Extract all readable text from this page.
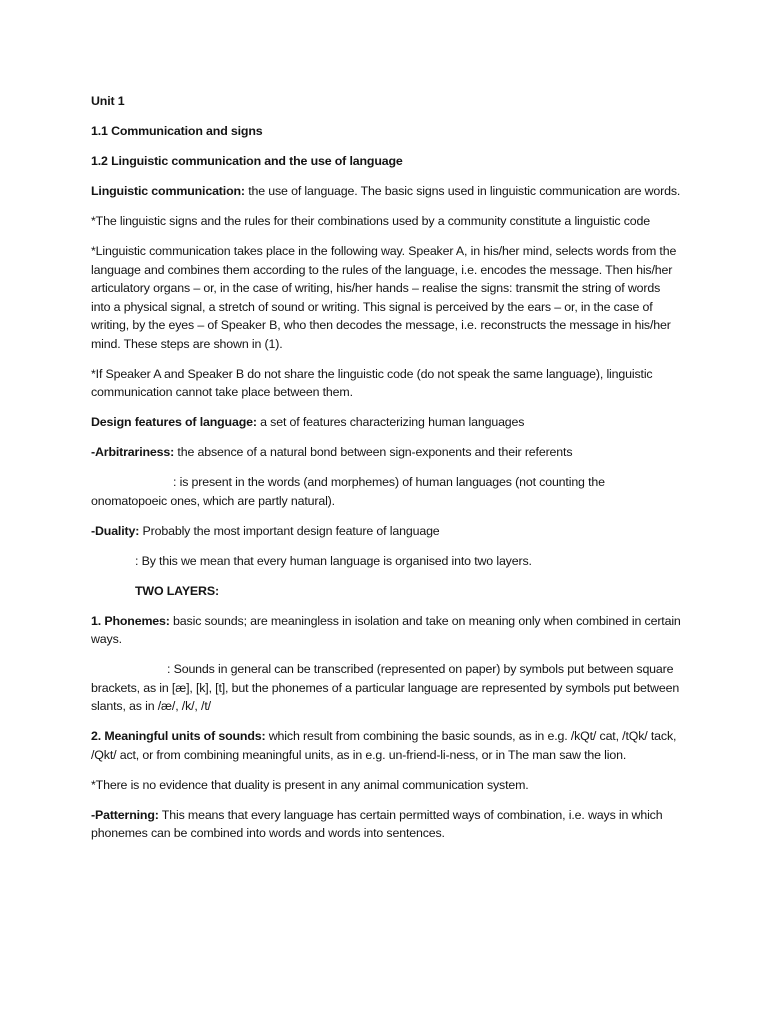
Unit 1

1.1 Communication and signs

1.2 Linguistic communication and the use of language

Linguistic communication: the use of language. The basic signs used in linguistic communication are words.

*The linguistic signs and the rules for their combinations used by a community constitute a linguistic code

*Linguistic communication takes place in the following way. Speaker A, in his/her mind, selects words from the language and combines them according to the rules of the language, i.e. encodes the message. Then his/her articulatory organs – or, in the case of writing, his/her hands – realise the signs: transmit the string of words into a physical signal, a stretch of sound or writing. This signal is perceived by the ears – or, in the case of writing, by the eyes – of Speaker B, who then decodes the message, i.e. reconstructs the message in his/her mind. These steps are shown in (1).

*If Speaker A and Speaker B do not share the linguistic code (do not speak the same language), linguistic communication cannot take place between them.

Design features of language: a set of features characterizing human languages

-Arbitrariness: the absence of a natural bond between sign-exponents and their referents

: is present in the words (and morphemes) of human languages (not counting the onomatopoeic ones, which are partly natural).

-Duality: Probably the most important design feature of language

: By this we mean that every human language is organised into two layers.

TWO LAYERS:

1. Phonemes: basic sounds; are meaningless in isolation and take on meaning only when combined in certain ways.

: Sounds in general can be transcribed (represented on paper) by symbols put between square brackets, as in [æ], [k], [t], but the phonemes of a particular language are represented by symbols put between slants, as in /æ/, /k/, /t/

2. Meaningful units of sounds: which result from combining the basic sounds, as in e.g. /kQt/ cat, /tQk/ tack, /Qkt/ act, or from combining meaningful units, as in e.g. un-friend-li-ness, or in The man saw the lion.

*There is no evidence that duality is present in any animal communication system.

-Patterning: This means that every language has certain permitted ways of combination, i.e. ways in which phonemes can be combined into words and words into sentences.
